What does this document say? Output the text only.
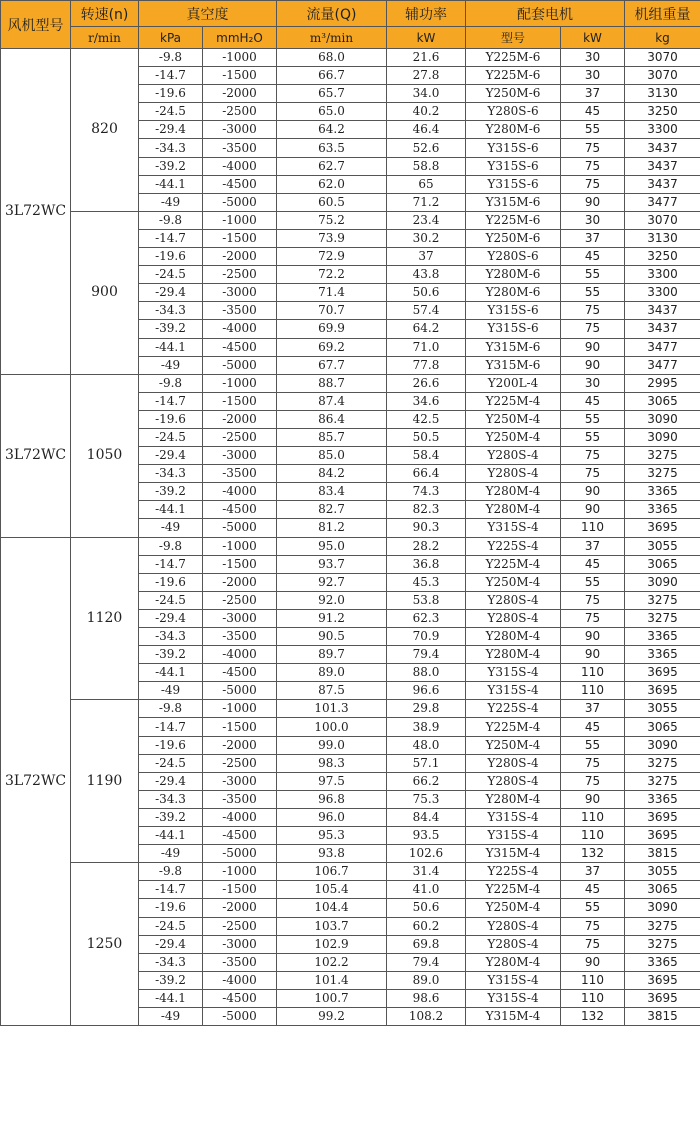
风机型号	转速(n)	真空度		流量(Q)	辅功率	配套电机		机组重量
	r/min	kPa	mmH₂O	m³/min	kW	型号	kW	kg
3L72WC	820	-9.8	-1000	68.0	21.6	Y225M-6	30	3070
		-14.7	-1500	66.7	27.8	Y225M-6	30	3070
		-19.6	-2000	65.7	34.0	Y250M-6	37	3130
		-24.5	-2500	65.0	40.2	Y280S-6	45	3250
		-29.4	-3000	64.2	46.4	Y280M-6	55	3300
		-34.3	-3500	63.5	52.6	Y315S-6	75	3437
		-39.2	-4000	62.7	58.8	Y315S-6	75	3437
		-44.1	-4500	62.0	65	Y315S-6	75	3437
		-49	-5000	60.5	71.2	Y315M-6	90	3477
	900	-9.8	-1000	75.2	23.4	Y225M-6	30	3070
		-14.7	-1500	73.9	30.2	Y250M-6	37	3130
		-19.6	-2000	72.9	37	Y280S-6	45	3250
		-24.5	-2500	72.2	43.8	Y280M-6	55	3300
		-29.4	-3000	71.4	50.6	Y280M-6	55	3300
		-34.3	-3500	70.7	57.4	Y315S-6	75	3437
		-39.2	-4000	69.9	64.2	Y315S-6	75	3437
		-44.1	-4500	69.2	71.0	Y315M-6	90	3477
		-49	-5000	67.7	77.8	Y315M-6	90	3477
3L72WC	1050	-9.8	-1000	88.7	26.6	Y200L-4	30	2995
		-14.7	-1500	87.4	34.6	Y225M-4	45	3065
		-19.6	-2000	86.4	42.5	Y250M-4	55	3090
		-24.5	-2500	85.7	50.5	Y250M-4	55	3090
		-29.4	-3000	85.0	58.4	Y280S-4	75	3275
		-34.3	-3500	84.2	66.4	Y280S-4	75	3275
		-39.2	-4000	83.4	74.3	Y280M-4	90	3365
		-44.1	-4500	82.7	82.3	Y280M-4	90	3365
		-49	-5000	81.2	90.3	Y315S-4	110	3695
3L72WC	1120	-9.8	-1000	95.0	28.2	Y225S-4	37	3055
		-14.7	-1500	93.7	36.8	Y225M-4	45	3065
		-19.6	-2000	92.7	45.3	Y250M-4	55	3090
		-24.5	-2500	92.0	53.8	Y280S-4	75	3275
		-29.4	-3000	91.2	62.3	Y280S-4	75	3275
		-34.3	-3500	90.5	70.9	Y280M-4	90	3365
		-39.2	-4000	89.7	79.4	Y280M-4	90	3365
		-44.1	-4500	89.0	88.0	Y315S-4	110	3695
		-49	-5000	87.5	96.6	Y315S-4	110	3695
	1190	-9.8	-1000	101.3	29.8	Y225S-4	37	3055
		-14.7	-1500	100.0	38.9	Y225M-4	45	3065
		-19.6	-2000	99.0	48.0	Y250M-4	55	3090
		-24.5	-2500	98.3	57.1	Y280S-4	75	3275
		-29.4	-3000	97.5	66.2	Y280S-4	75	3275
		-34.3	-3500	96.8	75.3	Y280M-4	90	3365
		-39.2	-4000	96.0	84.4	Y315S-4	110	3695
		-44.1	-4500	95.3	93.5	Y315S-4	110	3695
		-49	-5000	93.8	102.6	Y315M-4	132	3815
	1250	-9.8	-1000	106.7	31.4	Y225S-4	37	3055
		-14.7	-1500	105.4	41.0	Y225M-4	45	3065
		-19.6	-2000	104.4	50.6	Y250M-4	55	3090
		-24.5	-2500	103.7	60.2	Y280S-4	75	3275
		-29.4	-3000	102.9	69.8	Y280S-4	75	3275
		-34.3	-3500	102.2	79.4	Y280M-4	90	3365
		-39.2	-4000	101.4	89.0	Y315S-4	110	3695
		-44.1	-4500	100.7	98.6	Y315S-4	110	3695
		-49	-5000	99.2	108.2	Y315M-4	132	3815
